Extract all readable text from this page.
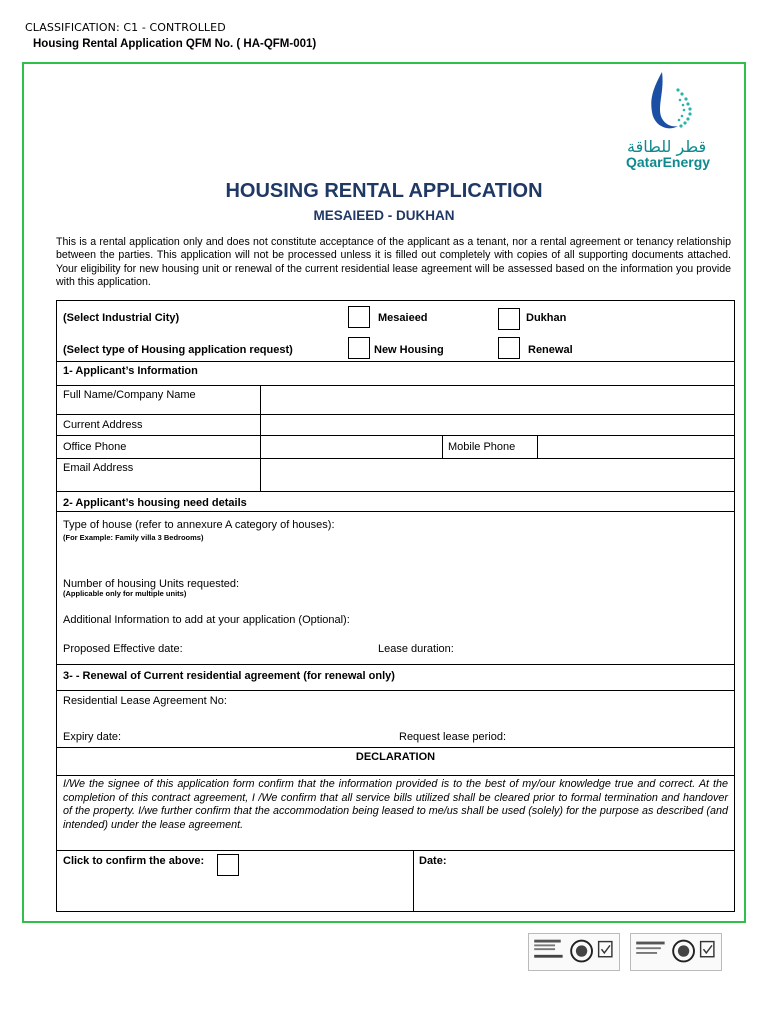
CLASSIFICATION: C1 - CONTROLLED
Housing Rental Application QFM No. ( HA-QFM-001)
قطر للطاقة
QatarEnergy
HOUSING RENTAL APPLICATION
MESAIEED - DUKHAN
This is a rental application only and does not constitute acceptance of the applicant as a tenant, nor a rental agreement or tenancy relationship between the parties. This application will not be processed unless it is filled out completely with copies of all supporting documents attached. Your eligibility for new housing unit or renewal of the current residential lease agreement will be assessed based on the information you provide with this application.
(Select Industrial City)	Mesaieed	Dukhan
(Select type of Housing application request)	New Housing	Renewal
1- Applicant’s Information
Full Name/Company Name
Current Address
Office Phone	Mobile Phone
Email Address
2- Applicant’s housing need details
Type of house (refer to annexure A category of houses):
(For Example: Family villa 3 Bedrooms)
Number of housing Units requested:
(Applicable only for multiple units)
Additional Information to add at your application (Optional):
Proposed Effective date:	Lease duration:
3- - Renewal of Current residential agreement (for renewal only)
Residential Lease Agreement No:
Expiry date:	Request lease period:
DECLARATION
I/We the signee of this application form confirm that the information provided is to the best of my/our knowledge true and correct. At the completion of this contract agreement, I /We confirm that all service bills utilized shall be cleared prior to formal termination and handover of the property. I/we further confirm that the accommodation being leased to me/us shall be used (solely) for the purpose as described (and intended) under the lease agreement.
Click to confirm the above:	Date:
